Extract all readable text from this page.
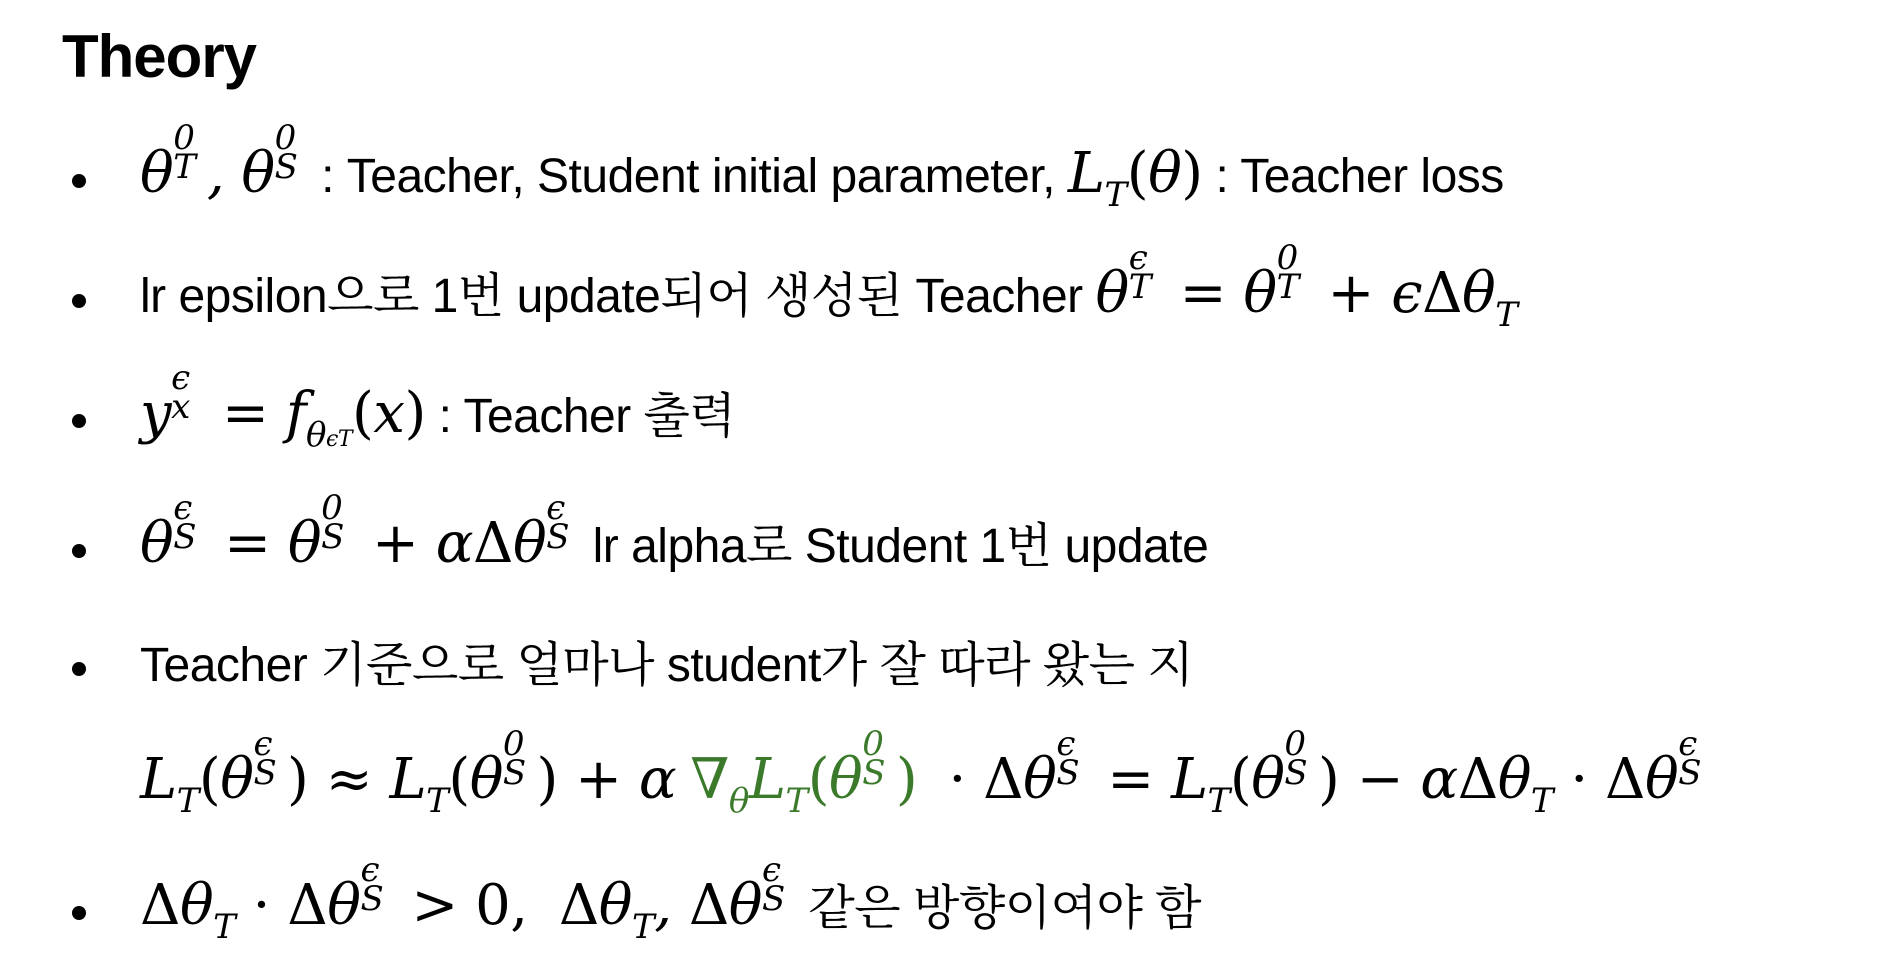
Theory
θ
0
T , θ
0
S : Teacher, Student initial parameter, $L_T(\theta)$ : Teacher loss
lr epsilon으로 1번 update되어 생성된 Teacher θ
ϵ
T = θ
0
T + ϵΔθ$_T$
y
ϵ
$x = f_{\theta\epsilon T}(x)$ : Teacher 출력
θ
ϵ
S = θ
0
S + αΔθ
ϵ
S lr alpha로 Student 1번 update
Teacher 기준으로 얼마나 student가 잘 따라 왔는 지
$L_T(\theta$
ϵ
S ) ≈ $L_T(\theta$
0
S ) + α $\nabla_\theta L_T(\theta$
0
S ) · Δθ
ϵ
$S = L_T(\theta$
0
S ) − αΔθ$_T$ · Δθ
ϵ
S
$\Delta\theta_T \cdot \Delta\theta$
ϵ
S > 0, $\Delta\theta_T$, Δθ
ϵ
S 같은 방향이여야 함
